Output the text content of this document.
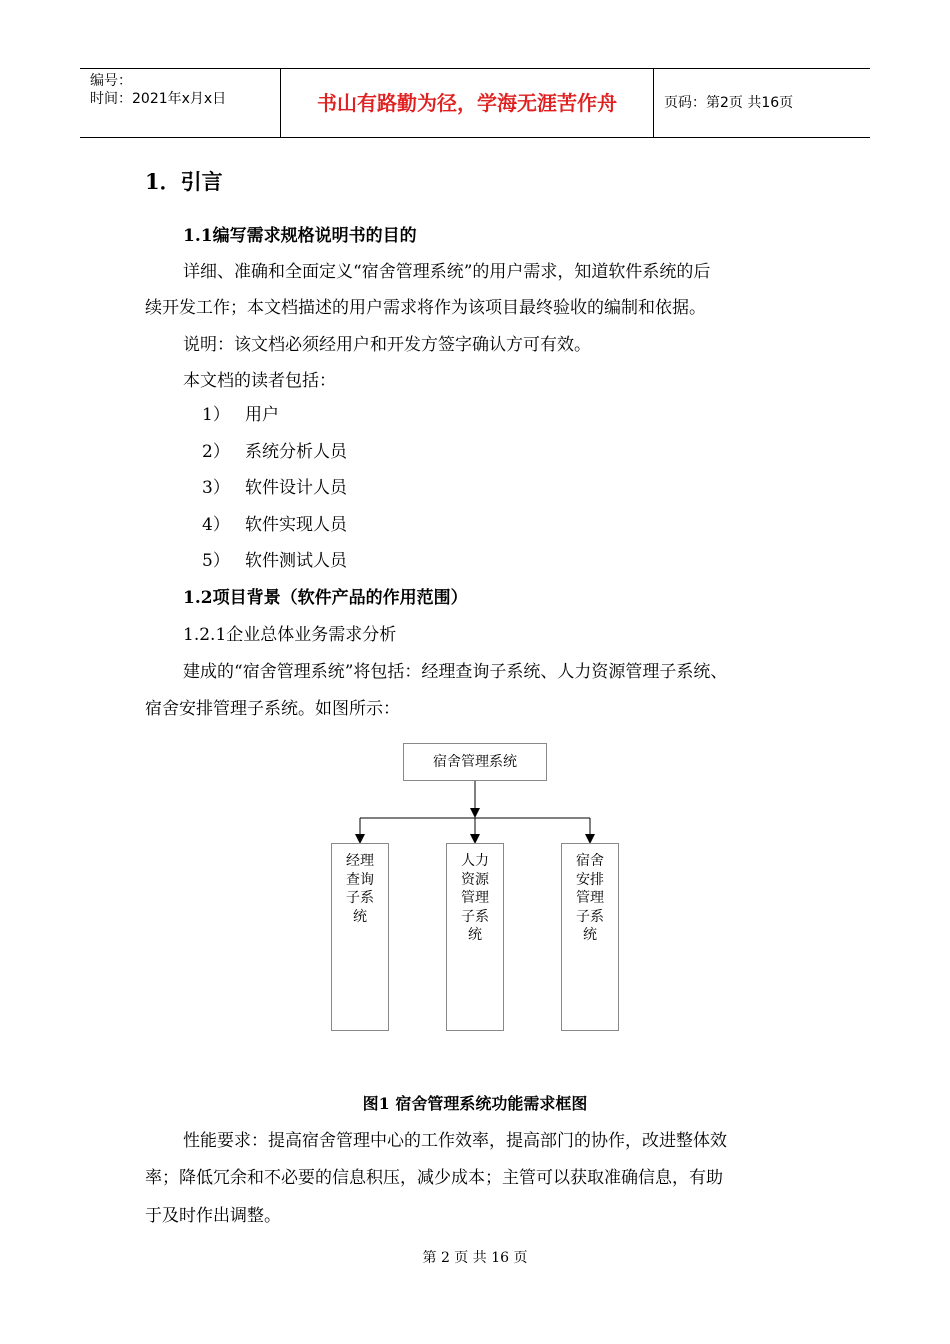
编号：
时间：2021年x月x日	书山有路勤为径，学海无涯苦作舟	页码：第2页 共16页
1．引言
1.1编写需求规格说明书的目的
详细、准确和全面定义“宿舍管理系统”的用户需求，知道软件系统的后
续开发工作；本文档描述的用户需求将作为该项目最终验收的编制和依据。
说明：该文档必须经用户和开发方签字确认方可有效。
本文档的读者包括：
1） 用户
2） 系统分析人员
3） 软件设计人员
4） 软件实现人员
5） 软件测试人员
1.2项目背景（软件产品的作用范围）
1.2.1企业总体业务需求分析
建成的“宿舍管理系统”将包括：经理查询子系统、人力资源管理子系统、
宿舍安排管理子系统。如图所示：
宿舍管理系统
经理查询子系统
人力资源管理子系统
宿舍安排管理子系统
图1 宿舍管理系统功能需求框图
性能要求：提高宿舍管理中心的工作效率，提高部门的协作，改进整体效
率；降低冗余和不必要的信息积压，减少成本；主管可以获取准确信息，有助
于及时作出调整。
第 2 页 共 16 页
